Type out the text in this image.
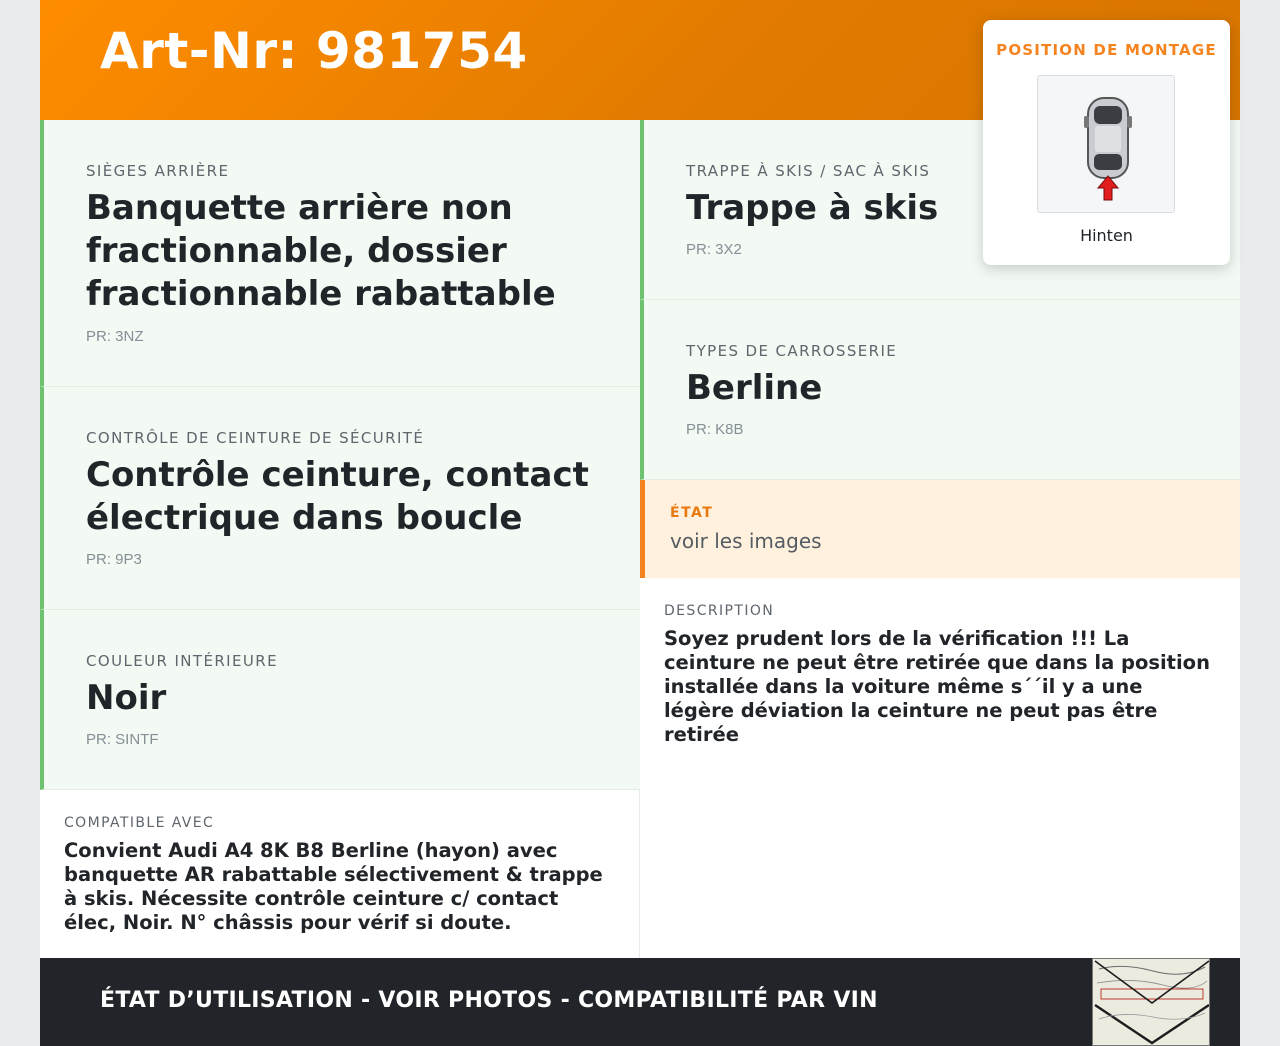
Art-Nr: 981754
SIÈGES ARRIÈRE
Banquette arrière non fractionnable, dossier fractionnable rabattable
PR: 3NZ
CONTRÔLE DE CEINTURE DE SÉCURITÉ
Contrôle ceinture, contact électrique dans boucle
PR: 9P3
COULEUR INTÉRIEURE
Noir
PR: SINTF
TRAPPE À SKIS / SAC À SKIS
Trappe à skis
PR: 3X2
TYPES DE CARROSSERIE
Berline
PR: K8B
ÉTAT
voir les images
DESCRIPTION
Soyez prudent lors de la vérification !!! La ceinture ne peut être retirée que dans la position installée dans la voiture même s´´il y a une légère déviation la ceinture ne peut pas être retirée
COMPATIBLE AVEC
Convient Audi A4 8K B8 Berline (hayon) avec banquette AR rabattable sélectivement & trappe à skis. Nécessite contrôle ceinture c/ contact élec, Noir. N° châssis pour vérif si doute.
ÉTAT D’UTILISATION - VOIR PHOTOS - COMPATIBILITÉ PAR VIN
POSITION DE MONTAGE
Hinten
